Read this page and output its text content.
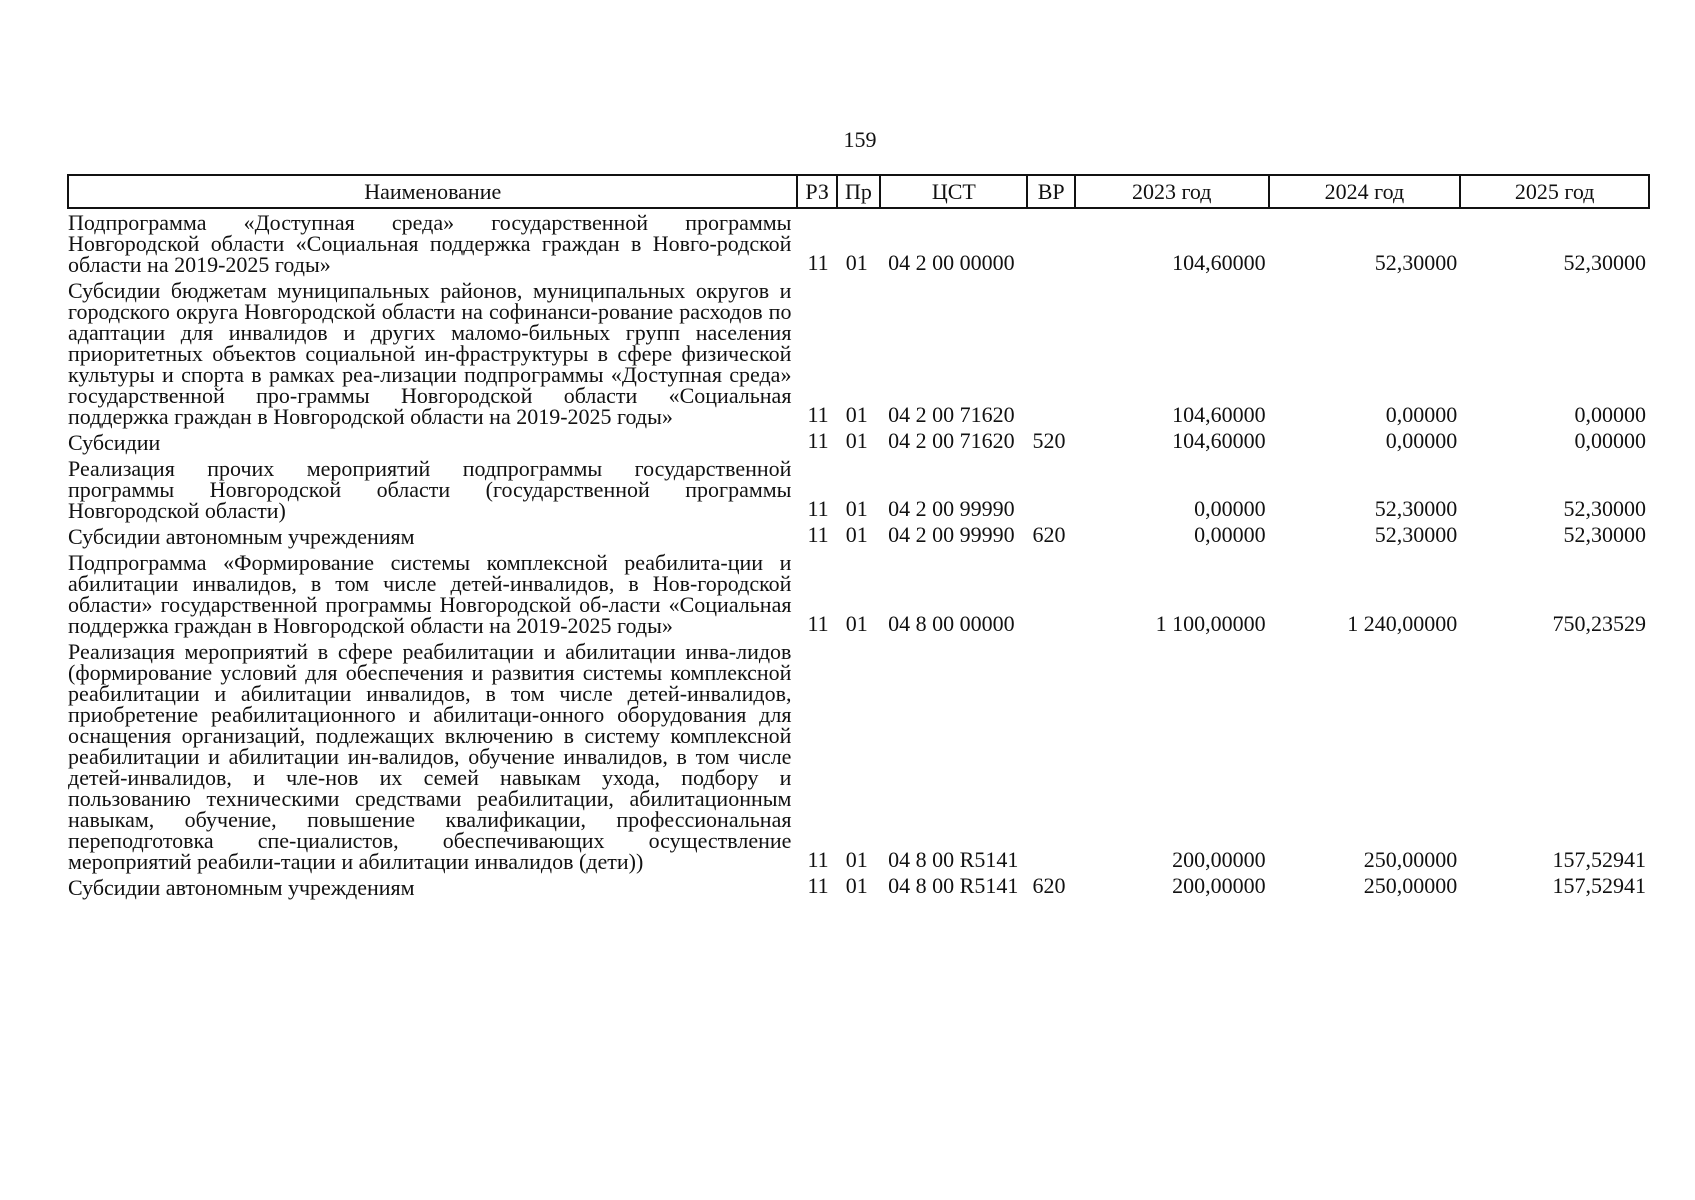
159
Наименование	РЗ	Пр	ЦСТ	ВР	2023 год	2024 год	2025 год
Подпрограмма «Доступная среда» государственной программы Новгородской области «Социальная поддержка граждан в Новго-родской области на 2019-2025 годы»	11	01	04 2 00 00000		104,60000	52,30000	52,30000
Субсидии бюджетам муниципальных районов, муниципальных округов и городского округа Новгородской области на софинанси-рование расходов по адаптации для инвалидов и других маломо-бильных групп населения приоритетных объектов социальной ин-фраструктуры в сфере физической культуры и спорта в рамках реа-лизации подпрограммы «Доступная среда» государственной про-граммы Новгородской области «Социальная поддержка граждан в Новгородской области на 2019-2025 годы»	11	01	04 2 00 71620		104,60000	0,00000	0,00000
Субсидии	11	01	04 2 00 71620	520	104,60000	0,00000	0,00000
Реализация прочих мероприятий подпрограммы государственной программы Новгородской области (государственной программы Новгородской области)	11	01	04 2 00 99990		0,00000	52,30000	52,30000
Субсидии автономным учреждениям	11	01	04 2 00 99990	620	0,00000	52,30000	52,30000
Подпрограмма «Формирование системы комплексной реабилита-ции и абилитации инвалидов, в том числе детей-инвалидов, в Нов-городской области» государственной программы Новгородской об-ласти «Социальная поддержка граждан в Новгородской области на 2019-2025 годы»	11	01	04 8 00 00000		1 100,00000	1 240,00000	750,23529
Реализация мероприятий в сфере реабилитации и абилитации инва-лидов (формирование условий для обеспечения и развития системы комплексной реабилитации и абилитации инвалидов, в том числе детей-инвалидов, приобретение реабилитационного и абилитаци-онного оборудования для оснащения организаций, подлежащих включению в систему комплексной реабилитации и абилитации ин-валидов, обучение инвалидов, в том числе детей-инвалидов, и чле-нов их семей навыкам ухода, подбору и пользованию техническими средствами реабилитации, абилитационным навыкам, обучение, повышение квалификации, профессиональная переподготовка спе-циалистов, обеспечивающих осуществление мероприятий реабили-тации и абилитации инвалидов (дети))	11	01	04 8 00 R5141		200,00000	250,00000	157,52941
Субсидии автономным учреждениям	11	01	04 8 00 R5141	620	200,00000	250,00000	157,52941
